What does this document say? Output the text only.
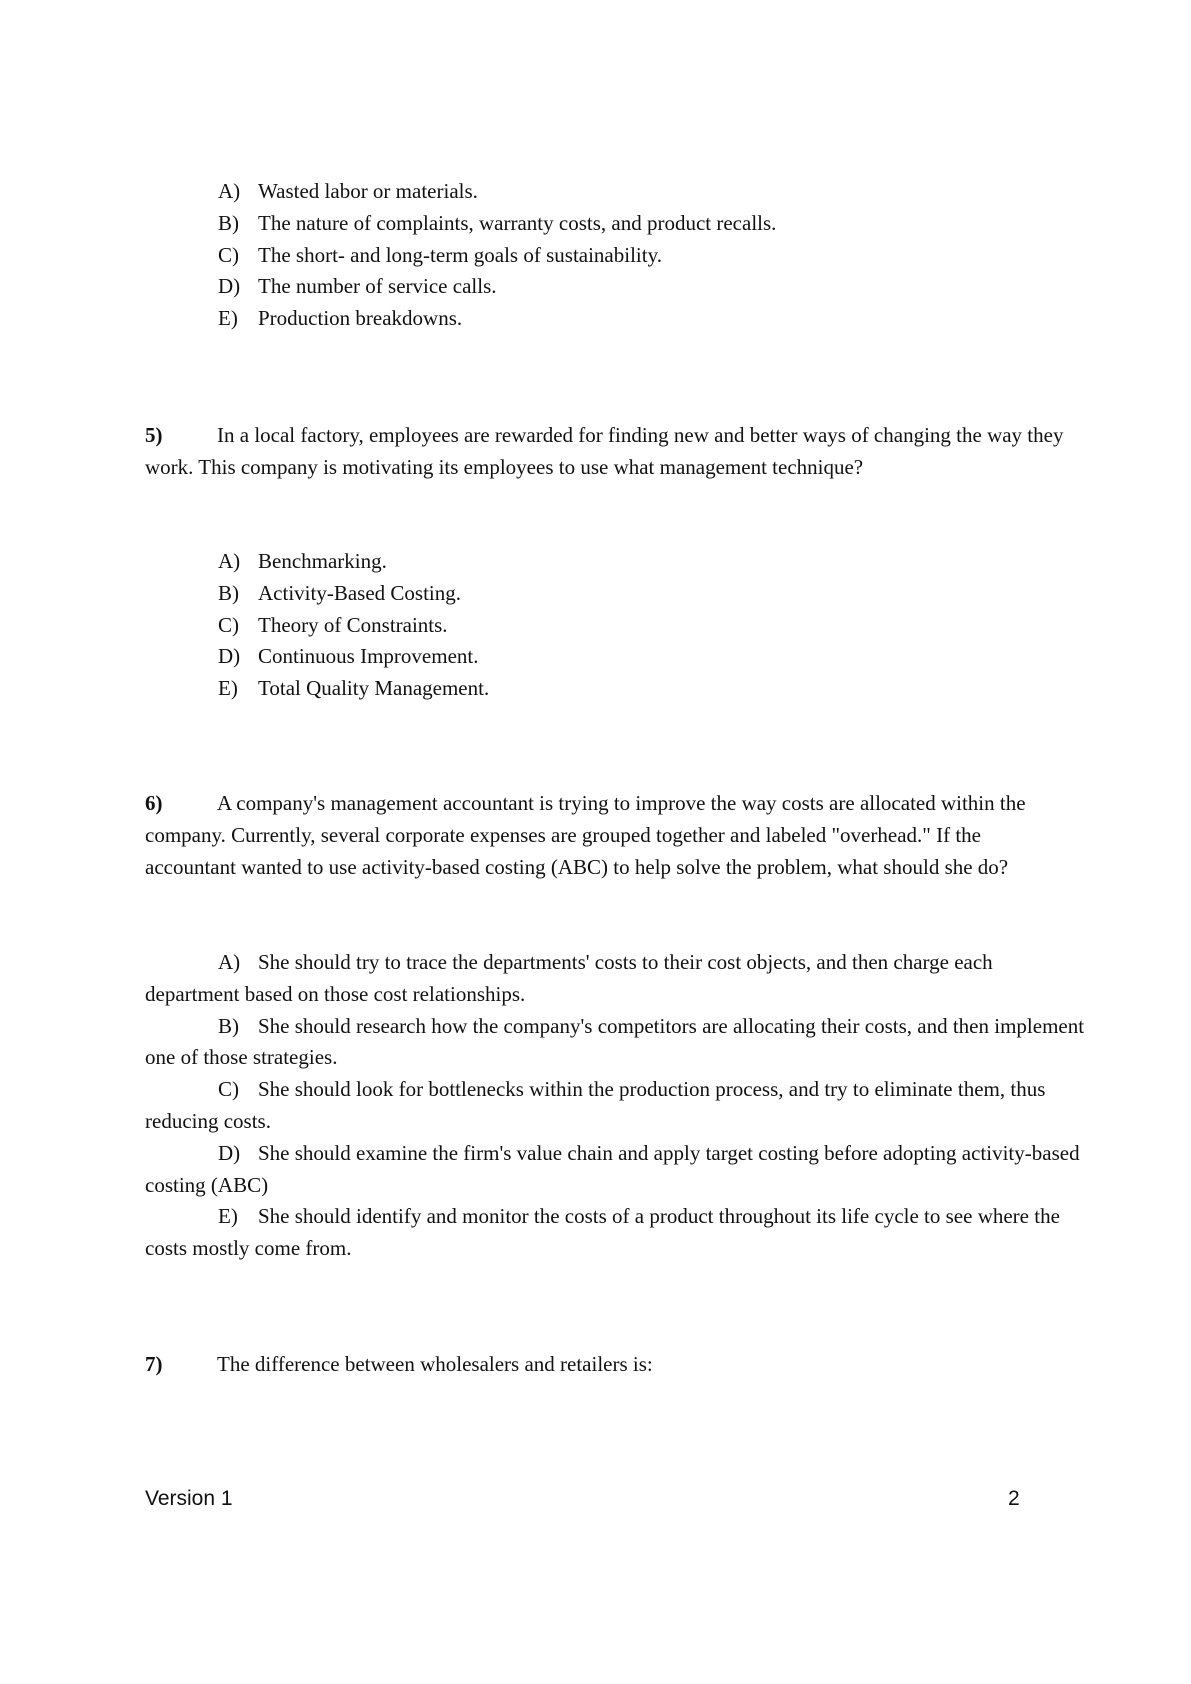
A) Wasted labor or materials.
B) The nature of complaints, warranty costs, and product recalls.
C) The short- and long-term goals of sustainability.
D) The number of service calls.
E) Production breakdowns.
5)	In a local factory, employees are rewarded for finding new and better ways of changing the way they work. This company is motivating its employees to use what management technique?
A) Benchmarking.
B) Activity-Based Costing.
C) Theory of Constraints.
D) Continuous Improvement.
E) Total Quality Management.
6)	A company's management accountant is trying to improve the way costs are allocated within the company. Currently, several corporate expenses are grouped together and labeled "overhead." If the accountant wanted to use activity-based costing (ABC) to help solve the problem, what should she do?

A) She should try to trace the departments' costs to their cost objects, and then charge each department based on those cost relationships.

B) She should research how the company's competitors are allocating their costs, and then implement one of those strategies.

C) She should look for bottlenecks within the production process, and try to eliminate them, thus reducing costs.

D) She should examine the firm's value chain and apply target costing before adopting activity-based costing (ABC)

E) She should identify and monitor the costs of a product throughout its life cycle to see where the costs mostly come from.

7)	The difference between wholesalers and retailers is:
Version 1	2
